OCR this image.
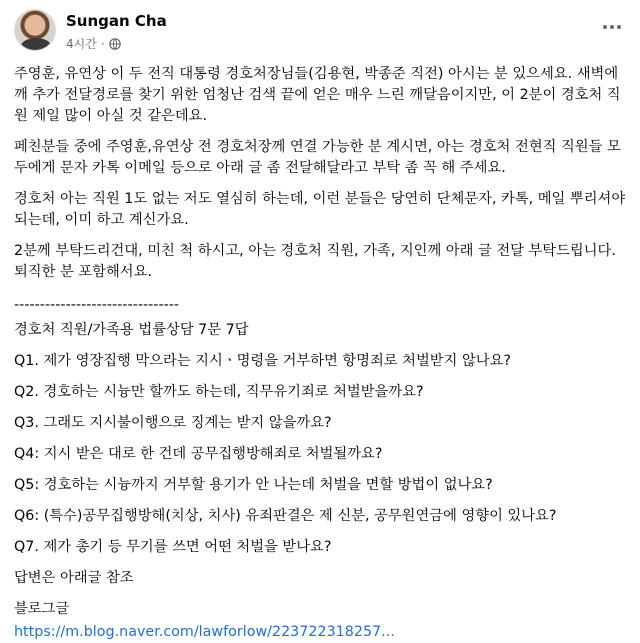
Sungan Cha
4시간 ·

주영훈, 유연상 이 두 전직 대통령 경호처장님들(김용현, 박종준 직전) 아시는 분 있으세요. 새벽에 깨 추가 전달경로를 찾기 위한 엄청난 검색 끝에 얻은 매우 느린 깨달음이지만, 이 2분이 경호처 직원 제일 많이 아실 것 같은데요.

페친분들 중에 주영훈,유연상 전 경호처장께 연결 가능한 분 계시면, 아는 경호처 전현직 직원들 모두에게 문자 카톡 이메일 등으로 아래 글 좀 전달해달라고 부탁 좀 꼭 해 주세요.

경호처 아는 직원 1도 없는 저도 열심히 하는데, 이런 분들은 당연히 단체문자, 카톡, 메일 뿌리셔야 되는데, 이미 하고 계신가요.

2분께 부탁드리건대, 미친 척 하시고, 아는 경호처 직원, 가족, 지인께 아래 글 전달 부탁드립니다. 퇴직한 분 포함해서요.

--------------------------------

경호처 직원/가족용 법률상담 7문 7답

Q1. 제가 영장집행 막으라는 지시ㆍ명령을 거부하면 항명죄로 처벌받지 않나요?

Q2. 경호하는 시늉만 할까도 하는데, 직무유기죄로 처벌받을까요?

Q3. 그래도 지시불이행으로 징계는 받지 않을까요?

Q4: 지시 받은 대로 한 건데 공무집행방해죄로 처벌될까요?

Q5: 경호하는 시늉까지 거부할 용기가 안 나는데 처벌을 면할 방법이 없나요?

Q6: (특수)공무집행방해(치상, 치사) 유죄판결은 제 신분, 공무원연금에 영향이 있나요?

Q7. 제가 총기 등 무기를 쓰면 어떤 처벌을 받나요?

답변은 아래글 참조

블로그글

https://m.blog.naver.com/lawforlow/223722318257...
